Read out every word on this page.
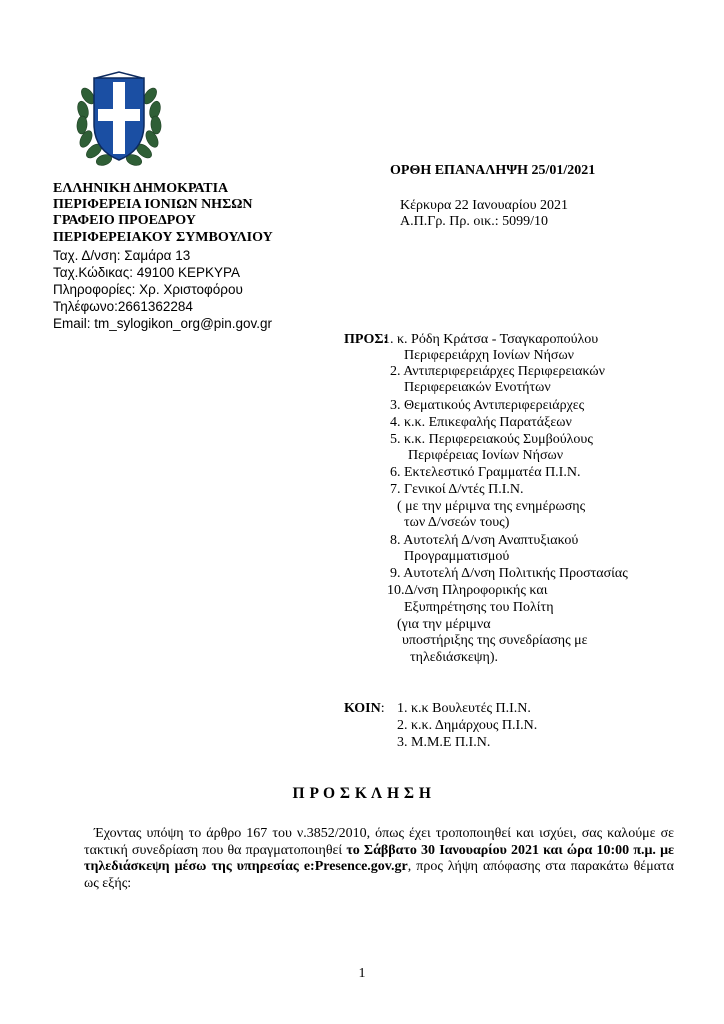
ΕΛΛΗΝΙΚΗ ΔΗΜΟΚΡΑΤΙΑ
ΠΕΡΙΦΕΡΕΙΑ ΙΟΝΙΩΝ ΝΗΣΩΝ
ΓΡΑΦΕΙΟ ΠΡΟΕΔΡΟΥ
ΠΕΡΙΦΕΡΕΙΑΚΟΥ ΣΥΜΒΟΥΛΙΟΥ
Ταχ. Δ/νση: Σαμάρα 13
Ταχ.Κώδικας: 49100 ΚΕΡΚΥΡΑ
Πληροφορίες: Χρ. Χριστοφόρου
Τηλέφωνο:2661362284
Email: tm_sylogikon_org@pin.gov.gr
ΟΡΘΗ ΕΠΑΝΑΛΗΨΗ 25/01/2021
Κέρκυρα 22 Ιανουαρίου 2021
Α.Π.Γρ. Πρ. οικ.: 5099/10
ΠΡΟΣ:
1. κ. Ρόδη Κράτσα - Τσαγκαροπούλου
Περιφερειάρχη Ιονίων Νήσων
2. Αντιπεριφερειάρχες Περιφερειακών
Περιφερειακών Ενοτήτων
3. Θεματικούς Αντιπεριφερειάρχες
4. κ.κ. Επικεφαλής Παρατάξεων
5. κ.κ. Περιφερειακούς Συμβούλους
Περιφέρειας Ιονίων Νήσων
6. Εκτελεστικό Γραμματέα Π.Ι.Ν.
7. Γενικοί Δ/ντές Π.Ι.Ν.
( με την μέριμνα της ενημέρωσης
των Δ/νσεών τους)
8. Αυτοτελή Δ/νση Αναπτυξιακού
Προγραμματισμού
9. Αυτοτελή Δ/νση Πολιτικής Προστασίας
10.Δ/νση Πληροφορικής και
Εξυπηρέτησης του Πολίτη
(για την μέριμνα
υποστήριξης της συνεδρίασης με
τηλεδιάσκεψη).
ΚΟΙΝ: 1. κ.κ Βουλευτές Π.Ι.Ν.
2. κ.κ. Δημάρχους Π.Ι.Ν.
3. Μ.Μ.Ε Π.Ι.Ν.
Π Ρ Ο Σ Κ Λ Η Σ Η

Έχοντας υπόψη το άρθρο 167 του ν.3852/2010, όπως έχει τροποποιηθεί και ισχύει, σας καλούμε σε τακτική συνεδρίαση που θα πραγματοποιηθεί το Σάββατο 30 Ιανουαρίου 2021 και ώρα 10:00 π.μ. με τηλεδιάσκεψη μέσω της υπηρεσίας e:Presence.gov.gr, προς λήψη απόφασης στα παρακάτω θέματα ως εξής:

1
